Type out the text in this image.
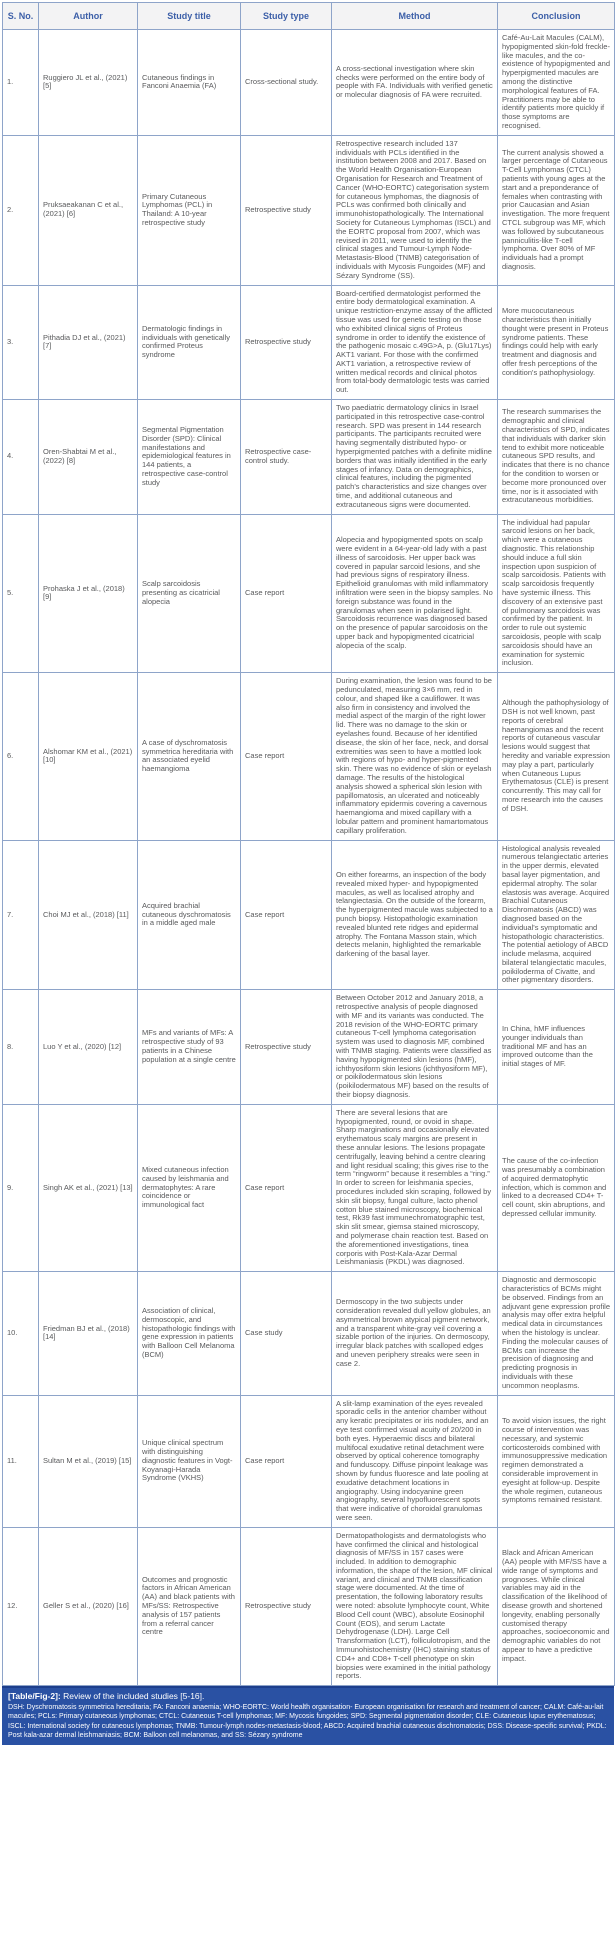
S. No.	Author	Study title	Study type	Method	Conclusion
1.	Ruggiero JL et al., (2021) [5]	Cutaneous findings in Fanconi Anaemia (FA)	Cross-sectional study.	A cross-sectional investigation where skin checks were performed on the entire body of people with FA. Individuals with verified genetic or molecular diagnosis of FA were recruited.	Café-Au-Lait Macules (CALM), hypopigmented skin-fold freckle-like macules, and the co-existence of hypopigmented and hyperpigmented macules are among the distinctive morphological features of FA. Practitioners may be able to identify patients more quickly if those symptoms are recognised.
2.	Pruksaeakanan C et al., (2021) [6]	Primary Cutaneous Lymphomas (PCL) in Thailand: A 10-year retrospective study	Retrospective study	Retrospective research included 137 individuals with PCLs identified in the institution between 2008 and 2017. Based on the World Health Organisation-European Organisation for Research and Treatment of Cancer (WHO-EORTC) categorisation system for cutaneous lymphomas, the diagnosis of PCLs was confirmed both clinically and immunohistopathologically. The International Society for Cutaneous Lymphomas (ISCL) and the EORTC proposal from 2007, which was revised in 2011, were used to identify the clinical stages and Tumour-Lymph Node-Metastasis-Blood (TNMB) categorisation of individuals with Mycosis Fungoides (MF) and Sézary Syndrome (SS).	The current analysis showed a larger percentage of Cutaneous T-Cell Lymphomas (CTCL) patients with young ages at the start and a preponderance of females when contrasting with prior Caucasian and Asian investigation. The more frequent CTCL subgroup was MF, which was followed by subcutaneous panniculitis-like T-cell lymphoma. Over 80% of MF individuals had a prompt diagnosis.
3.	Pithadia DJ et al., (2021) [7]	Dermatologic findings in individuals with genetically confirmed Proteus syndrome	Retrospective study	Board-certified dermatologist performed the entire body dermatological examination. A unique restriction-enzyme assay of the afflicted tissue was used for genetic testing on those who exhibited clinical signs of Proteus syndrome in order to identify the existence of the pathogenic mosaic c.49G>A, p. (Glu17Lys) AKT1 variant. For those with the confirmed AKT1 variation, a retrospective review of written medical records and clinical photos from total-body dermatologic tests was carried out.	More mucocutaneous characteristics than initially thought were present in Proteus syndrome patients. These findings could help with early treatment and diagnosis and offer fresh perceptions of the condition's pathophysiology.
4.	Oren-Shabtai M et al., (2022) [8]	Segmental Pigmentation Disorder (SPD): Clinical manifestations and epidemiological features in 144 patients, a retrospective case-control study	Retrospective case-control study.	Two paediatric dermatology clinics in Israel participated in this retrospective case-control research. SPD was present in 144 research participants. The participants recruited were having segmentally distributed hypo- or hyperpigmented patches with a definite midline borders that was initially identified in the early stages of infancy. Data on demographics, clinical features, including the pigmented patch's characteristics and size changes over time, and additional cutaneous and extracutaneous signs were documented.	The research summarises the demographic and clinical characteristics of SPD, indicates that individuals with darker skin tend to exhibit more noticeable cutaneous SPD results, and indicates that there is no chance for the condition to worsen or become more pronounced over time, nor is it associated with extracutaneous morbidities.
5.	Prohaska J et al., (2018) [9]	Scalp sarcoidosis presenting as cicatricial alopecia	Case report	Alopecia and hypopigmented spots on scalp were evident in a 64-year-old lady with a past illness of sarcoidosis. Her upper back was covered in papular sarcoid lesions, and she had previous signs of respiratory illness. Epithelioid granulomas with mild inflammatory infiltration were seen in the biopsy samples. No foreign substance was found in the granulomas when seen in polarised light. Sarcoidosis recurrence was diagnosed based on the presence of papular sarcoidosis on the upper back and hypopigmented cicatricial alopecia of the scalp.	The individual had papular sarcoid lesions on her back, which were a cutaneous diagnostic. This relationship should induce a full skin inspection upon suspicion of scalp sarcoidosis. Patients with scalp sarcoidosis frequently have systemic illness. This discovery of an extensive past of pulmonary sarcoidosis was confirmed by the patient. In order to rule out systemic sarcoidosis, people with scalp sarcoidosis should have an examination for systemic inclusion.
6.	Alshomar KM et al., (2021) [10]	A case of dyschromatosis symmetrica hereditaria with an associated eyelid haemangioma	Case report	During examination, the lesion was found to be pedunculated, measuring 3×6 mm, red in colour, and shaped like a cauliflower. It was also firm in consistency and involved the medial aspect of the margin of the right lower lid. There was no damage to the skin or eyelashes found. Because of her identified disease, the skin of her face, neck, and dorsal extremities was seen to have a mottled look with regions of hypo- and hyper-pigmented skin. There was no evidence of skin or eyelash damage. The results of the histological analysis showed a spherical skin lesion with papillomatosis, an ulcerated and noticeably inflammatory epidermis covering a cavernous haemangioma and mixed capillary with a lobular pattern and prominent hamartomatous capillary proliferation.	Although the pathophysiology of DSH is not well known, past reports of cerebral haemangiomas and the recent reports of cutaneous vascular lesions would suggest that heredity and variable expression may play a part, particularly when Cutaneous Lupus Erythematosus (CLE) is present concurrently. This may call for more research into the causes of DSH.
7.	Choi MJ et al., (2018) [11]	Acquired brachial cutaneous dyschromatosis in a middle aged male	Case report	On either forearms, an inspection of the body revealed mixed hyper- and hypopigmented macules, as well as localised atrophy and telangiectasia. On the outside of the forearm, the hyperpigmented macule was subjected to a punch biopsy. Histopathologic examination revealed blunted rete ridges and epidermal atrophy. The Fontana Masson stain, which detects melanin, highlighted the remarkable darkening of the basal layer.	Histological analysis revealed numerous telangiectatic arteries in the upper dermis, elevated basal layer pigmentation, and epidermal atrophy. The solar elastosis was average. Acquired Brachial Cutaneous Dischromatosis (ABCD) was diagnosed based on the individual's symptomatic and histopathologic characteristics. The potential aetiology of ABCD include melasma, acquired bilateral telangiectatic macules, poikiloderma of Civatte, and other pigmentary disorders.
8.	Luo Y et al., (2020) [12]	MFs and variants of MFs: A retrospective study of 93 patients in a Chinese population at a single centre	Retrospective study	Between October 2012 and January 2018, a retrospective analysis of people diagnosed with MF and its variants was conducted. The 2018 revision of the WHO-EORTC primary cutaneous T-cell lymphoma categorisation system was used to diagnosis MF, combined with TNMB staging. Patients were classified as having hypopigmented skin lesions (hMF), ichthyosiform skin lesions (ichthyosiform MF), or poikilodermatous skin lesions (poikilodermatous MF) based on the results of their biopsy diagnosis.	In China, hMF influences younger individuals than traditional MF and has an improved outcome than the initial stages of MF.
9.	Singh AK et al., (2021) [13]	Mixed cutaneous infection caused by leishmania and dermatophytes: A rare coincidence or immunological fact	Case report	There are several lesions that are hypopigmented, round, or ovoid in shape. Sharp marginations and occasionally elevated erythematous scaly margins are present in these annular lesions. The lesions propagate centrifugally, leaving behind a centre clearing and light residual scaling; this gives rise to the term “ringworm” because it resembles a “ring.” In order to screen for leishmania species, procedures included skin scraping, followed by skin slit biopsy, fungal culture, lacto phenol cotton blue stained microscopy, biochemical test, Rk39 fast immunechromatographic test, skin slit smear, giemsa stained microscopy, and polymerase chain reaction test. Based on the aforementioned investigations, tinea corporis with Post-Kala-Azar Dermal Leishmaniasis (PKDL) was diagnosed.	The cause of the co-infection was presumably a combination of acquired dermatophytic infection, which is common and linked to a decreased CD4+ T-cell count, skin abruptions, and depressed cellular immunity.
10.	Friedman BJ et al., (2018) [14]	Association of clinical, dermoscopic, and histopathologic findings with gene expression in patients with Balloon Cell Melanoma (BCM)	Case study	Dermoscopy in the two subjects under consideration revealed dull yellow globules, an asymmetrical brown atypical pigment network, and a transparent white-gray veil covering a sizable portion of the injuries. On dermoscopy, irregular black patches with scalloped edges and uneven periphery streaks were seen in case 2.	Diagnostic and dermoscopic characteristics of BCMs might be observed. Findings from an adjuvant gene expression profile analysis may offer extra helpful medical data in circumstances when the histology is unclear. Finding the molecular causes of BCMs can increase the precision of diagnosing and predicting prognosis in individuals with these uncommon neoplasms.
11.	Sultan M et al., (2019) [15]	Unique clinical spectrum with distinguishing diagnostic features in Vogt-Koyanagi-Harada Syndrome (VKHS)	Case report	A slit-lamp examination of the eyes revealed sporadic cells in the anterior chamber without any keratic precipitates or iris nodules, and an eye test confirmed visual acuity of 20/200 in both eyes. Hyperaemic discs and bilateral multifocal exudative retinal detachment were observed by optical coherence tomography and funduscopy. Diffuse pinpoint leakage was shown by fundus fluoresce and late pooling at exudative detachment locations in angiography. Using indocyanine green angiography, several hypofluorescent spots that were indicative of choroidal granulomas were seen.	To avoid vision issues, the right course of intervention was necessary, and systemic corticosteroids combined with immunosuppressive medication regimen demonstrated a considerable improvement in eyesight at follow-up. Despite the whole regimen, cutaneous symptoms remained resistant.
12.	Geller S et al., (2020) [16]	Outcomes and prognostic factors in African American (AA) and black patients with MFs/SS: Retrospective analysis of 157 patients from a referral cancer centre	Retrospective study	Dermatopathologists and dermatologists who have confirmed the clinical and histological diagnosis of MF/SS in 157 cases were included. In addition to demographic information, the shape of the lesion, MF clinical variant, and clinical and TNMB classification stage were documented. At the time of presentation, the following laboratory results were noted: absolute lymphocyte count, White Blood Cell count (WBC), absolute Eosinophil Count (EOS), and serum Lactate Dehydrogenase (LDH). Large Cell Transformation (LCT), folliculotropism, and the Immunohistochemistry (IHC) staining status of CD4+ and CD8+ T-cell phenotype on skin biopsies were examined in the initial pathology reports.	Black and African American (AA) people with MF/SS have a wide range of symptoms and prognoses. While clinical variables may aid in the classification of the likelihood of disease growth and shortened longevity, enabling personally customised therapy approaches, socioeconomic and demographic variables do not appear to have a predictive impact.
[Table/Fig-2]: Review of the included studies [5-16].
DSH: Dyschromatosis symmetrica hereditaria; FA: Fanconi anaemia; WHO-EORTC: World health organisation- European organisation for research and treatment of cancer; CALM: Café-au-lait macules; PCLs: Primary cutaneous lymphomas; CTCL: Cutaneous T-cell lymphomas; MF: Mycosis fungoides; SPD: Segmental pigmentation disorder; CLE: Cutaneous lupus erythematosus; ISCL: International society for cutaneous lymphomas; TNMB: Tumour-lymph nodes-metastasis-blood; ABCD: Acquired brachial cutaneous dischromatosis; DSS: Disease-specific survival; PKDL: Post kala-azar dermal leishmaniasis; BCM: Balloon cell melanomas, and SS: Sézary syndrome
